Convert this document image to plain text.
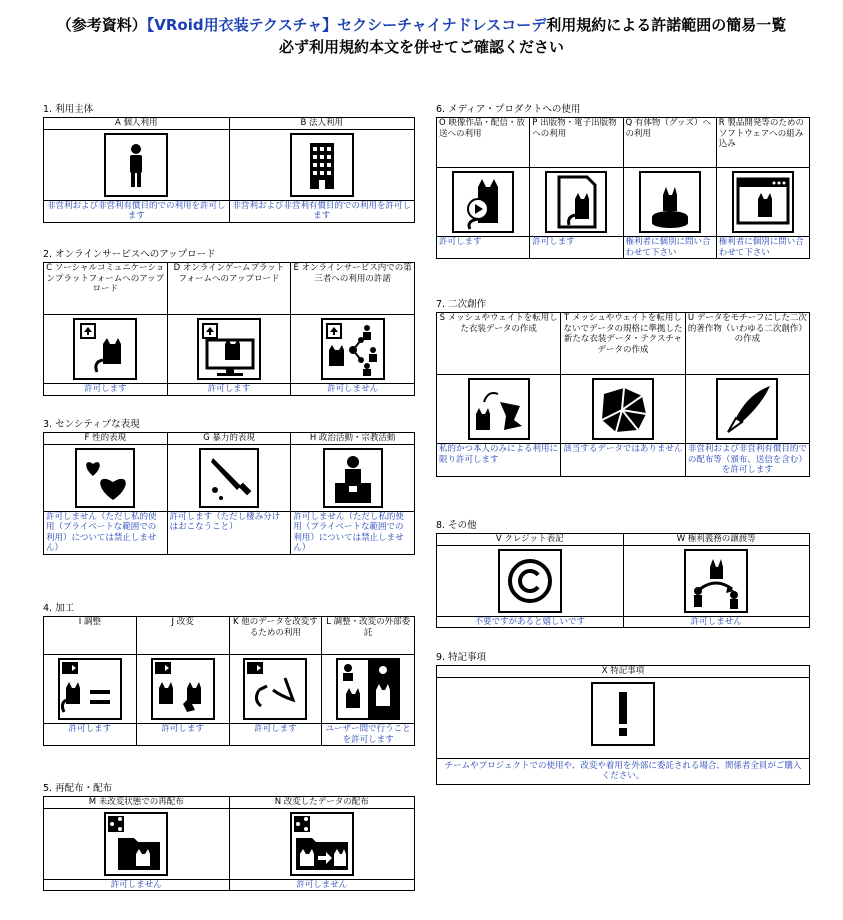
（参考資料）【VRoid用衣装テクスチャ】セクシーチャイナドレスコーデ利用規約による許諾範囲の簡易一覧
必ず利用規約本文を併せてご確認ください
1. 利用主体
A 個人利用	B 法人利用

非営利および非営利有償目的での利用を許可します	非営利および非営利有償目的での利用を許可します
2. オンラインサービスへのアップロード
C ソーシャルコミュニケーションプラットフォームへのアップロード	D オンラインゲームプラットフォームへのアップロード	E オンラインサービス内での第三者への利用の許諾

許可します	許可します	許可しません
3. センシティブな表現
F 性的表現	G 暴力的表現	H 政治活動・宗教活動

許可しません（ただし私的使用（プライベートな範囲での利用）については禁止しません）	許可します（ただし棲み分けはおこなうこと）	許可しません（ただし私的使用（プライベートな範囲での利用）については禁止しません）
4. 加工
I 調整	J 改変	K 他のデータを改変するための利用	L 調整・改変の外部委託

許可します	許可します	許可します	ユーザー間で行うことを許可します
5. 再配布・配布
M 未改変状態での再配布	N 改変したデータの配布

許可しません	許可しません
6. メディア・プロダクトへの使用
O 映像作品・配信・放送への利用	P 出版物・電子出版物への利用	Q 有体物（グッズ）への利用	R 製品開発等のためのソフトウェアへの組み込み

許可します	許可します	権利者に個別に問い合わせて下さい	権利者に個別に問い合わせて下さい
7. 二次創作
S メッシュやウェイトを転用した衣装データの作成	T メッシュやウェイトを転用しないでデータの規格に準拠した新たな衣装データ・テクスチャデータの作成	U データをモチーフにした二次的著作物（いわゆる二次創作）の作成

私的かつ本人のみによる利用に限り許可します	該当するデータではありません	非営利および非営利有償目的での配布等（頒布、送信を含む）を許可します
8. その他
V クレジット表記	W 権利義務の譲渡等

不要ですがあると嬉しいです	許可しません
9. 特記事項
X 特記事項

チームやプロジェクトでの使用や、改変や着用を外部に委託される場合、関係者全員がご購入ください。
